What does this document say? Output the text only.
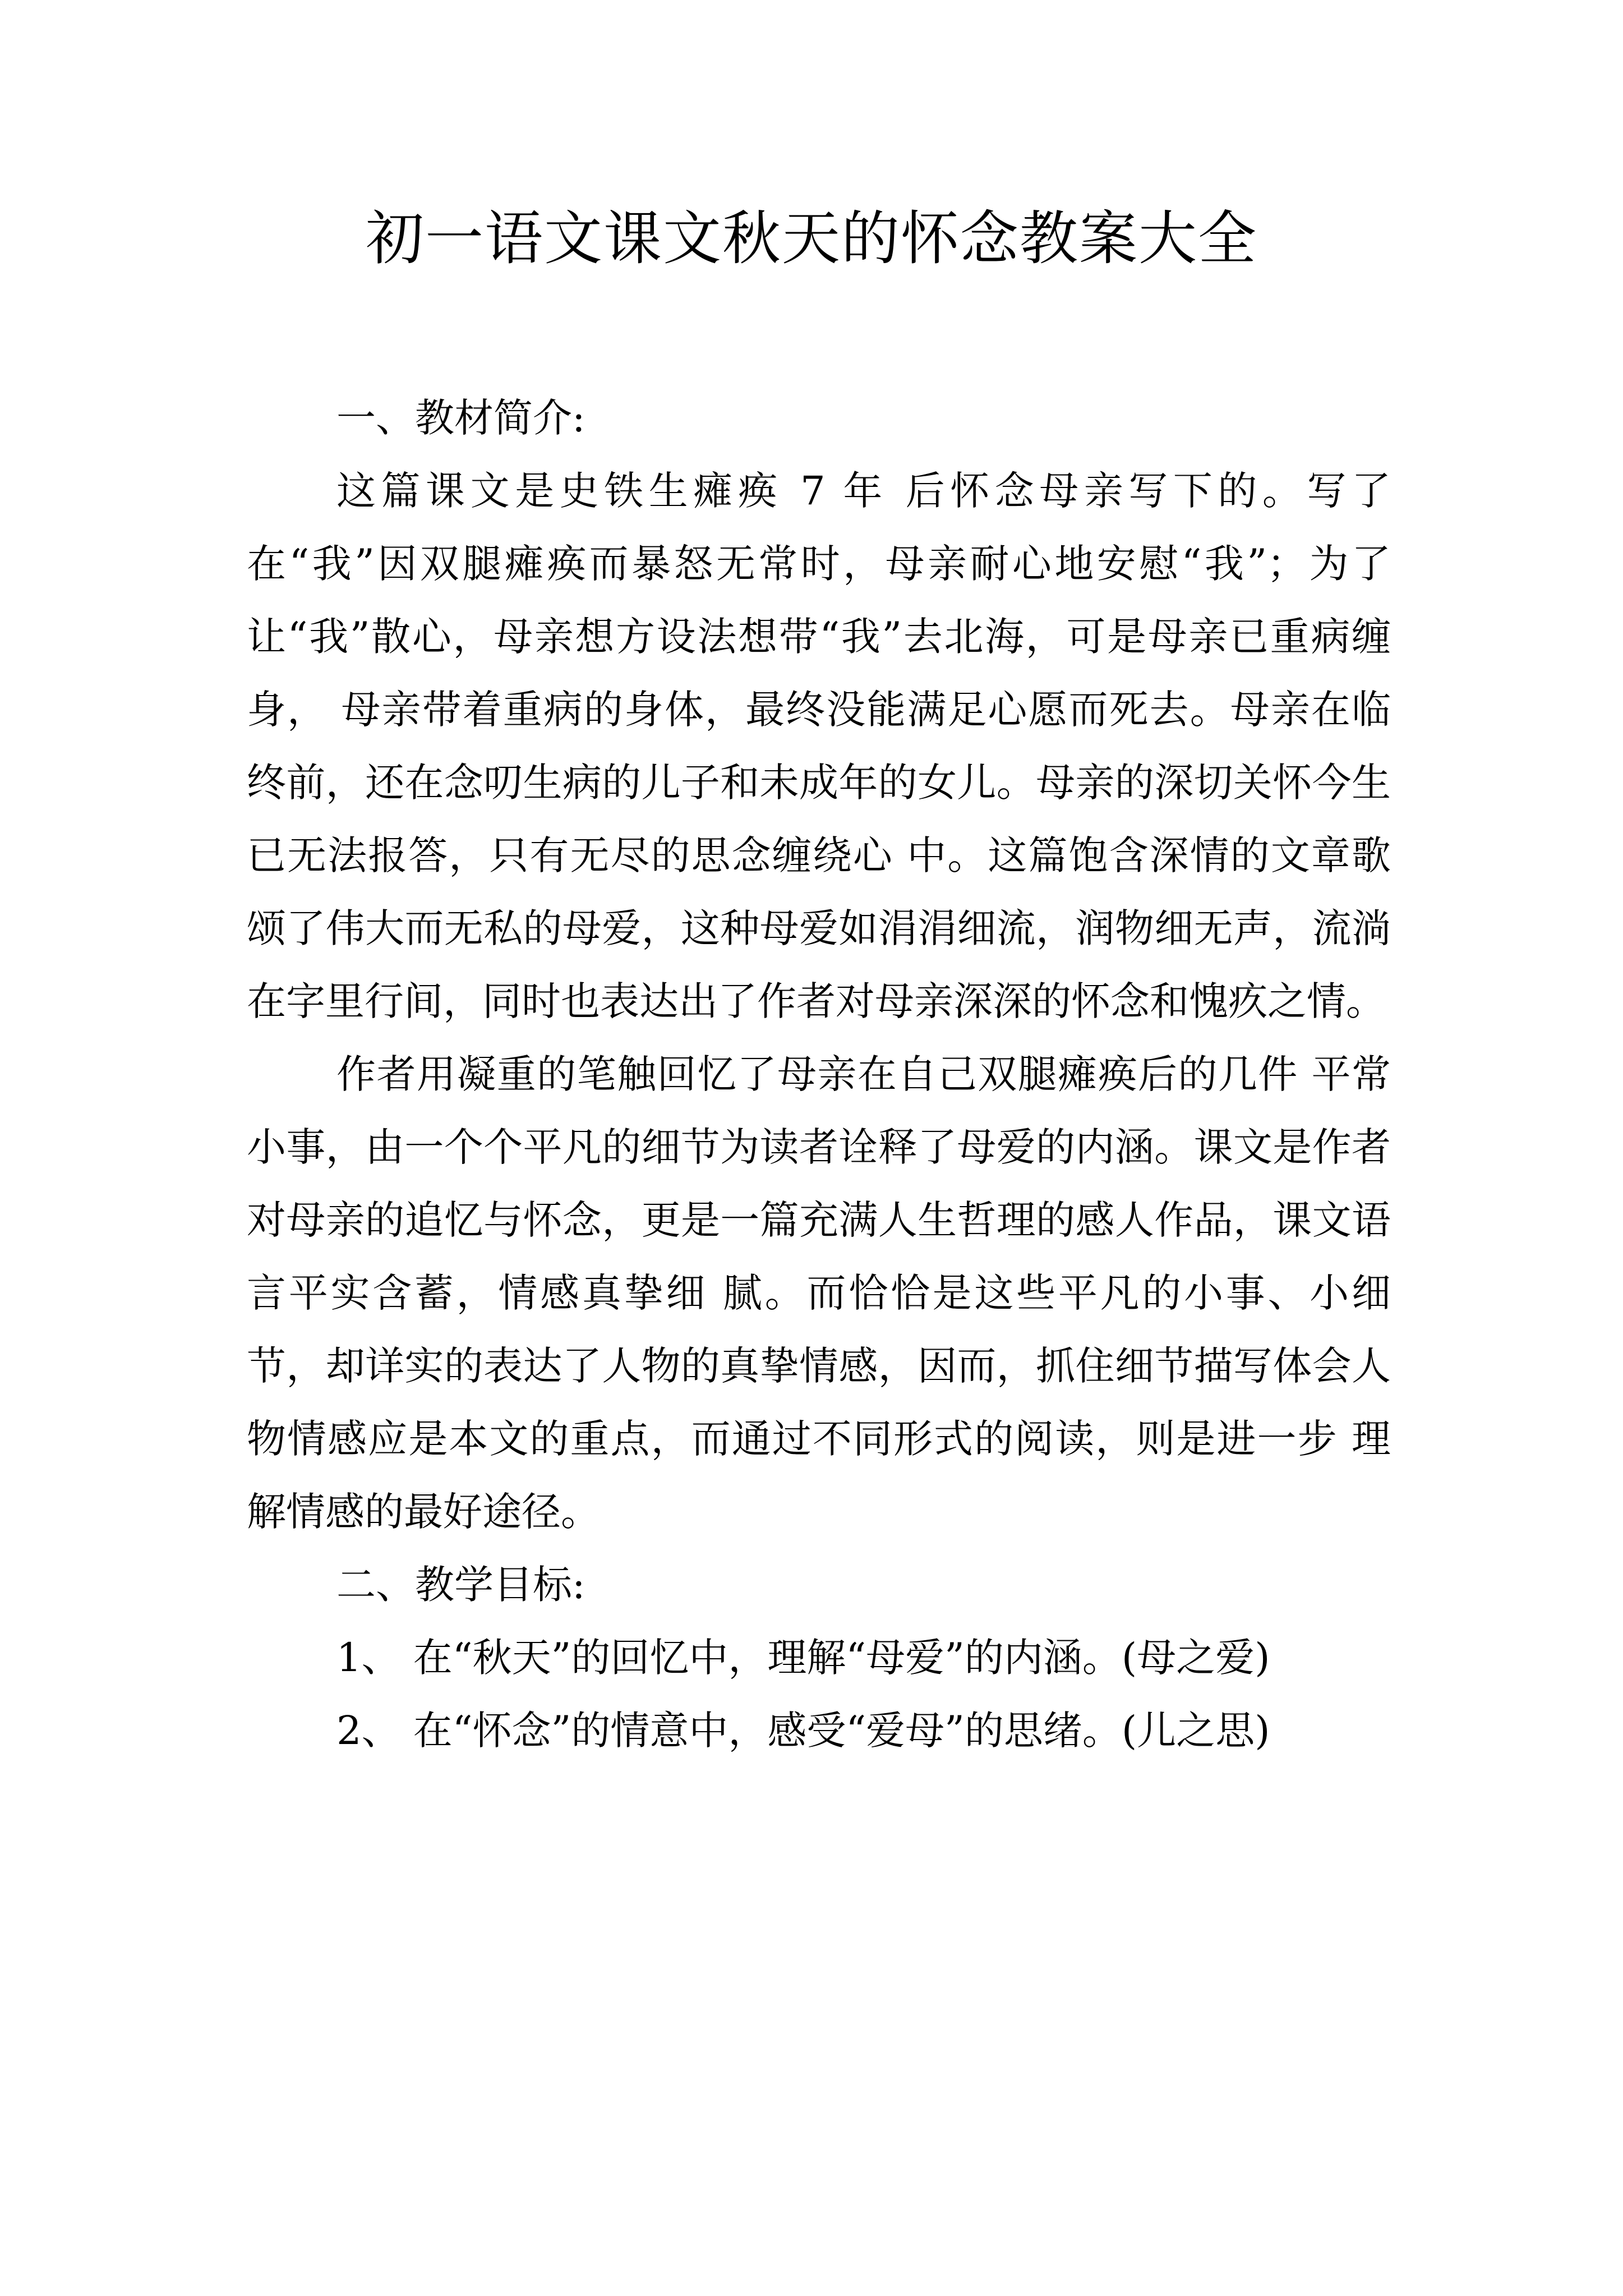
初一语文课文秋天的怀念教案大全

一、教材简介:

这篇课文是史铁生瘫痪 7 年 后怀念母亲写下的。写了在“我”因双腿瘫痪而暴怒无常时，母亲耐心地安慰“我”；为了让“我”散心，母亲想方设法想带“我”去北海，可是母亲已重病缠身， 母亲带着重病的身体，最终没能满足心愿而死去。母亲在临终前，还在念叨生病的儿子和未成年的女儿。母亲的深切关怀今生已无法报答，只有无尽的思念缠绕心 中。这篇饱含深情的文章歌颂了伟大而无私的母爱，这种母爱如涓涓细流，润物细无声，流淌在字里行间，同时也表达出了作者对母亲深深的怀念和愧疚之情。

作者用凝重的笔触回忆了母亲在自己双腿瘫痪后的几件 平常小事，由一个个平凡的细节为读者诠释了母爱的内涵。课文是作者对母亲的追忆与怀念，更是一篇充满人生哲理的感人作品，课文语言平实含蓄，情感真挚细 腻。而恰恰是这些平凡的小事、小细节，却详实的表达了人物的真挚情感，因而，抓住细节描写体会人物情感应是本文的重点，而通过不同形式的阅读，则是进一步 理解情感的最好途径。

二、教学目标:

1、 在“秋天”的回忆中，理解“母爱”的内涵。(母之爱)

2、 在“怀念”的情意中，感受“爱母”的思绪。(儿之思)
